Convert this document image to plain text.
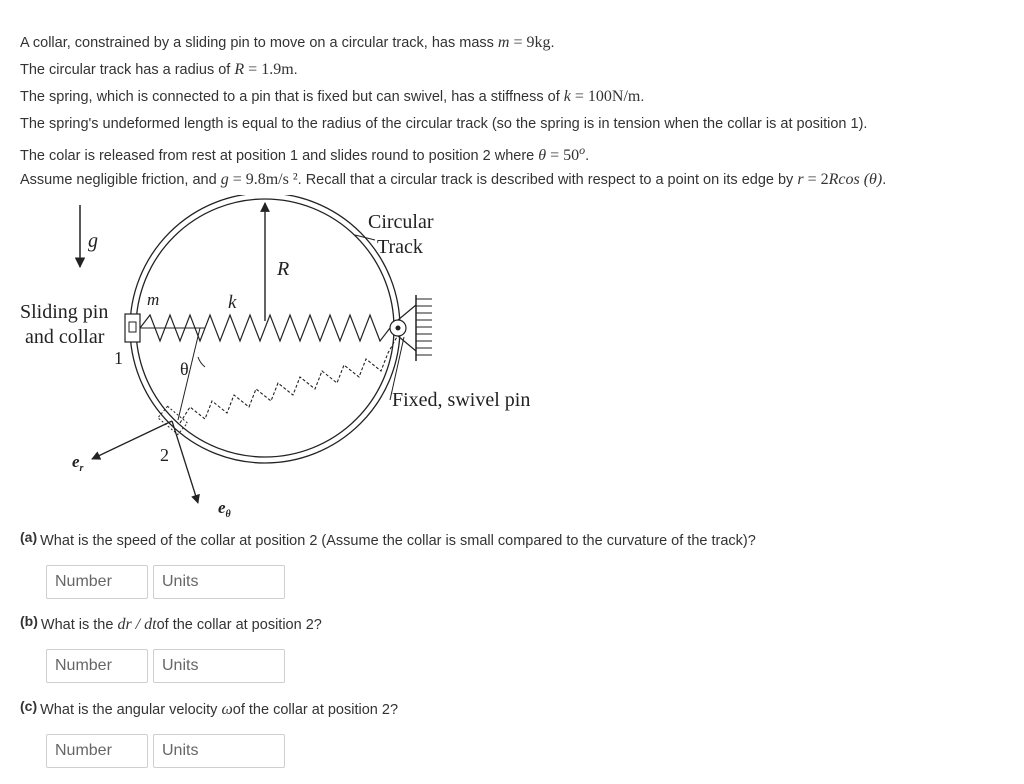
A collar, constrained by a sliding pin to move on a circular track, has mass m = 9kg.
The circular track has a radius of R = 1.9m.
The spring, which is connected to a pin that is fixed but can swivel, has a stiffness of k = 100N/m.
The spring's undeformed length is equal to the radius of the circular track (so the spring is in tension when the collar is at position 1).
The colar is released from rest at position 1 and slides round to position 2 where $\theta = 50^o$.
Assume negligible friction, and g = 9.8m/s ². Recall that a circular track is described with respect to a point on its edge by r = 2Rcos (θ).
g
R
Circular
Track
θ
m	k
Sliding pin
and collar
1
Fixed, swivel pin
2
$e_r$
$e_\theta$
(a) What is the speed of the collar at position 2 (Assume the collar is small compared to the curvature of the track)?
Number
Units
(b) What is the dr / dtof the collar at position 2?
Number
Units
(c) What is the angular velocity ωof the collar at position 2?
Number
Units
